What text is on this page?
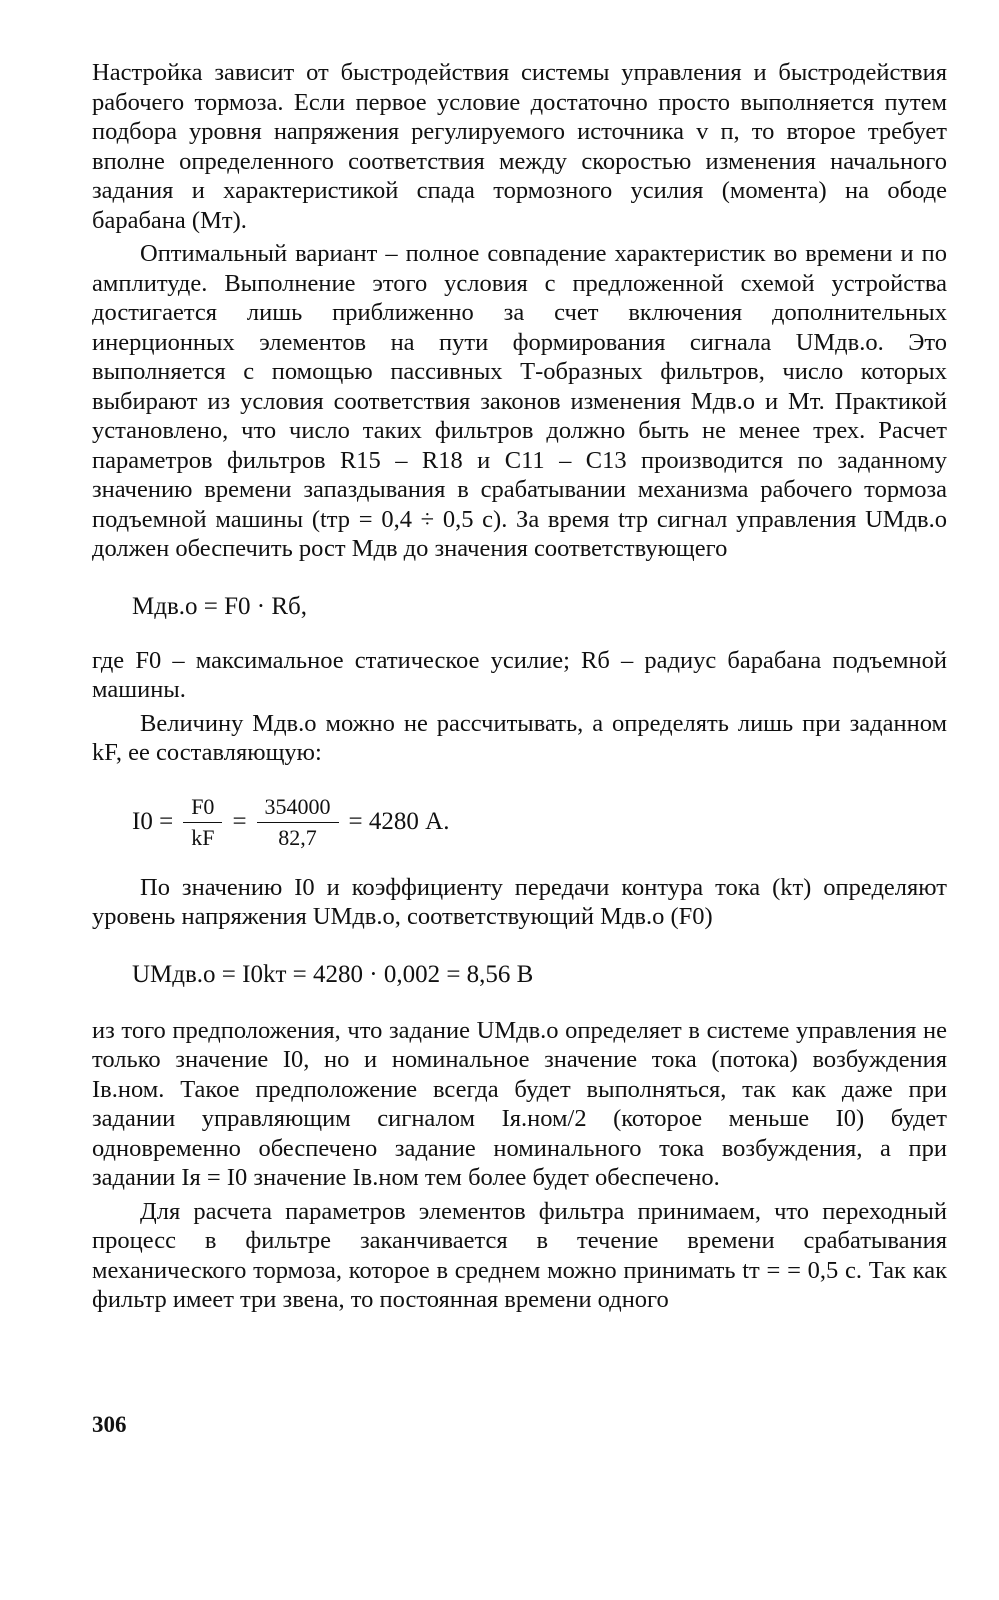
Настройка зависит от быстродействия системы управления и быстродействия рабочего тормоза. Если первое условие достаточно просто выполняется путем подбора уровня напряжения регулируемого источника v п, то второе требует вполне определенного соответствия между скоростью изменения начального задания и характеристикой спада тормозного усилия (момента) на ободе барабана (Mт).

Оптимальный вариант – полное совпадение характеристик во времени и по амплитуде. Выполнение этого условия с предложенной схемой устройства достигается лишь приближенно за счет включения дополнительных инерционных элементов на пути формирования сигнала UMдв.о. Это выполняется с помощью пассивных Т-образных фильтров, число которых выбирают из условия соответствия законов изменения Mдв.о и Mт. Практикой установлено, что число таких фильтров должно быть не менее трех. Расчет параметров фильтров R15 – R18 и C11 – C13 производится по заданному значению времени запаздывания в срабатывании механизма рабочего тормоза подъемной машины (tтр = 0,4 ÷ 0,5 с). За время tтр сигнал управления UMдв.о должен обеспечить рост Mдв до значения соответствующего

Mдв.о = F0 · Rб,

где F0 – максимальное статическое усилие; Rб – радиус барабана подъемной машины.

Величину Mдв.о можно не рассчитывать, а определять лишь при заданном kF, ее составляющую:

$I0 = \frac{F0}{kF} = \frac{354000}{82,7} = 4280$ А.

По значению I0 и коэффициенту передачи контура тока (kт) определяют уровень напряжения UMдв.о, соответствующий Mдв.о (F0)

UMдв.о = I0kт = 4280 · 0,002 = 8,56 В

из того предположения, что задание UMдв.о определяет в системе управления не только значение I0, но и номинальное значение тока (потока) возбуждения Iв.ном. Такое предположение всегда будет выполняться, так как даже при задании управляющим сигналом Iя.ном/2 (которое меньше I0) будет одновременно обеспечено задание номинального тока возбуждения, а при задании Iя = I0 значение Iв.ном тем более будет обеспечено.

Для расчета параметров элементов фильтра принимаем, что переходный процесс в фильтре заканчивается в течение времени срабатывания механического тормоза, которое в среднем можно принимать tт = = 0,5 с. Так как фильтр имеет три звена, то постоянная времени одного

306
